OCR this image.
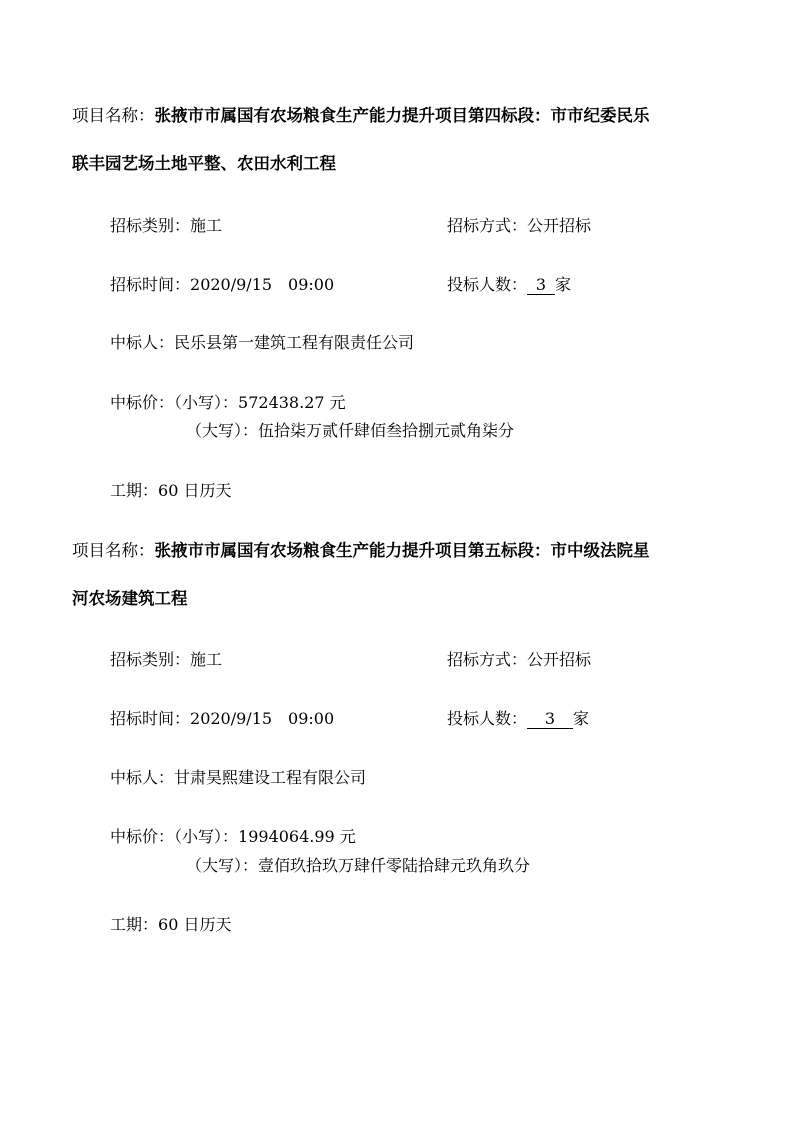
项目名称：张掖市市属国有农场粮食生产能力提升项目第四标段：市市纪委民乐
联丰园艺场土地平整、农田水利工程
招标类别：施工	招标方式：公开招标
招标时间：2020/9/15　09:00	投标人数： 3 家
中标人：民乐县第一建筑工程有限责任公司
中标价：（小写）：572438.27 元
（大写）：伍拾柒万贰仟肆佰叁拾捌元贰角柒分
工期：60 日历天
项目名称：张掖市市属国有农场粮食生产能力提升项目第五标段：市中级法院星
河农场建筑工程
招标类别：施工	招标方式：公开招标
招标时间：2020/9/15　09:00	投标人数： 3 家
中标人：甘肃昊熙建设工程有限公司
中标价：（小写）：1994064.99 元
（大写）：壹佰玖拾玖万肆仟零陆拾肆元玖角玖分
工期：60 日历天
